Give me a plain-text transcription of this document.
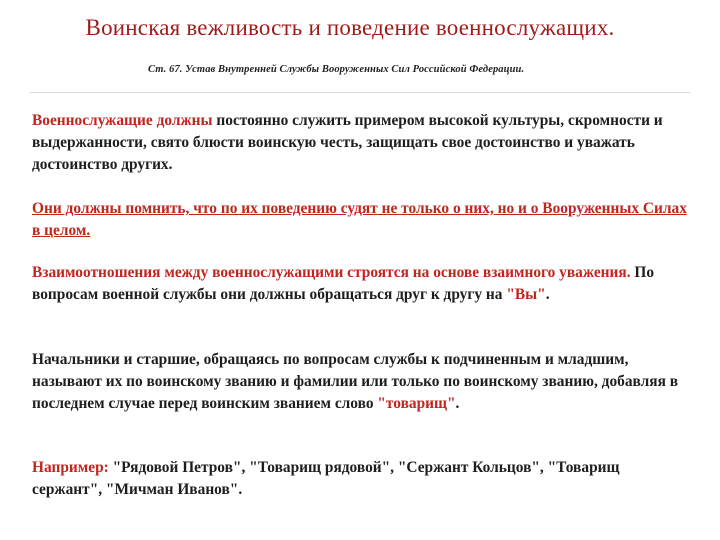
Воинская вежливость и поведение военнослужащих.
Ст. 67. Устав Внутренней Службы Вооруженных Сил Российской Федерации.
Военнослужащие должны постоянно служить примером высокой культуры, скромности и выдержанности, свято блюсти воинскую честь, защищать свое достоинство и уважать достоинство других.
Они должны помнить, что по их поведению судят не только о них, но и о Вооруженных Силах в целом.
Взаимоотношения между военнослужащими строятся на основе взаимного уважения. По вопросам военной службы они должны обращаться друг к другу на "Вы".
Начальники и старшие, обращаясь по вопросам службы к подчиненным и младшим, называют их по воинскому званию и фамилии или только по воинскому званию, добавляя в последнем случае перед воинским званием слово "товарищ".
Например: "Рядовой Петров", "Товарищ рядовой", "Сержант Кольцов", "Товарищ сержант", "Мичман Иванов".
